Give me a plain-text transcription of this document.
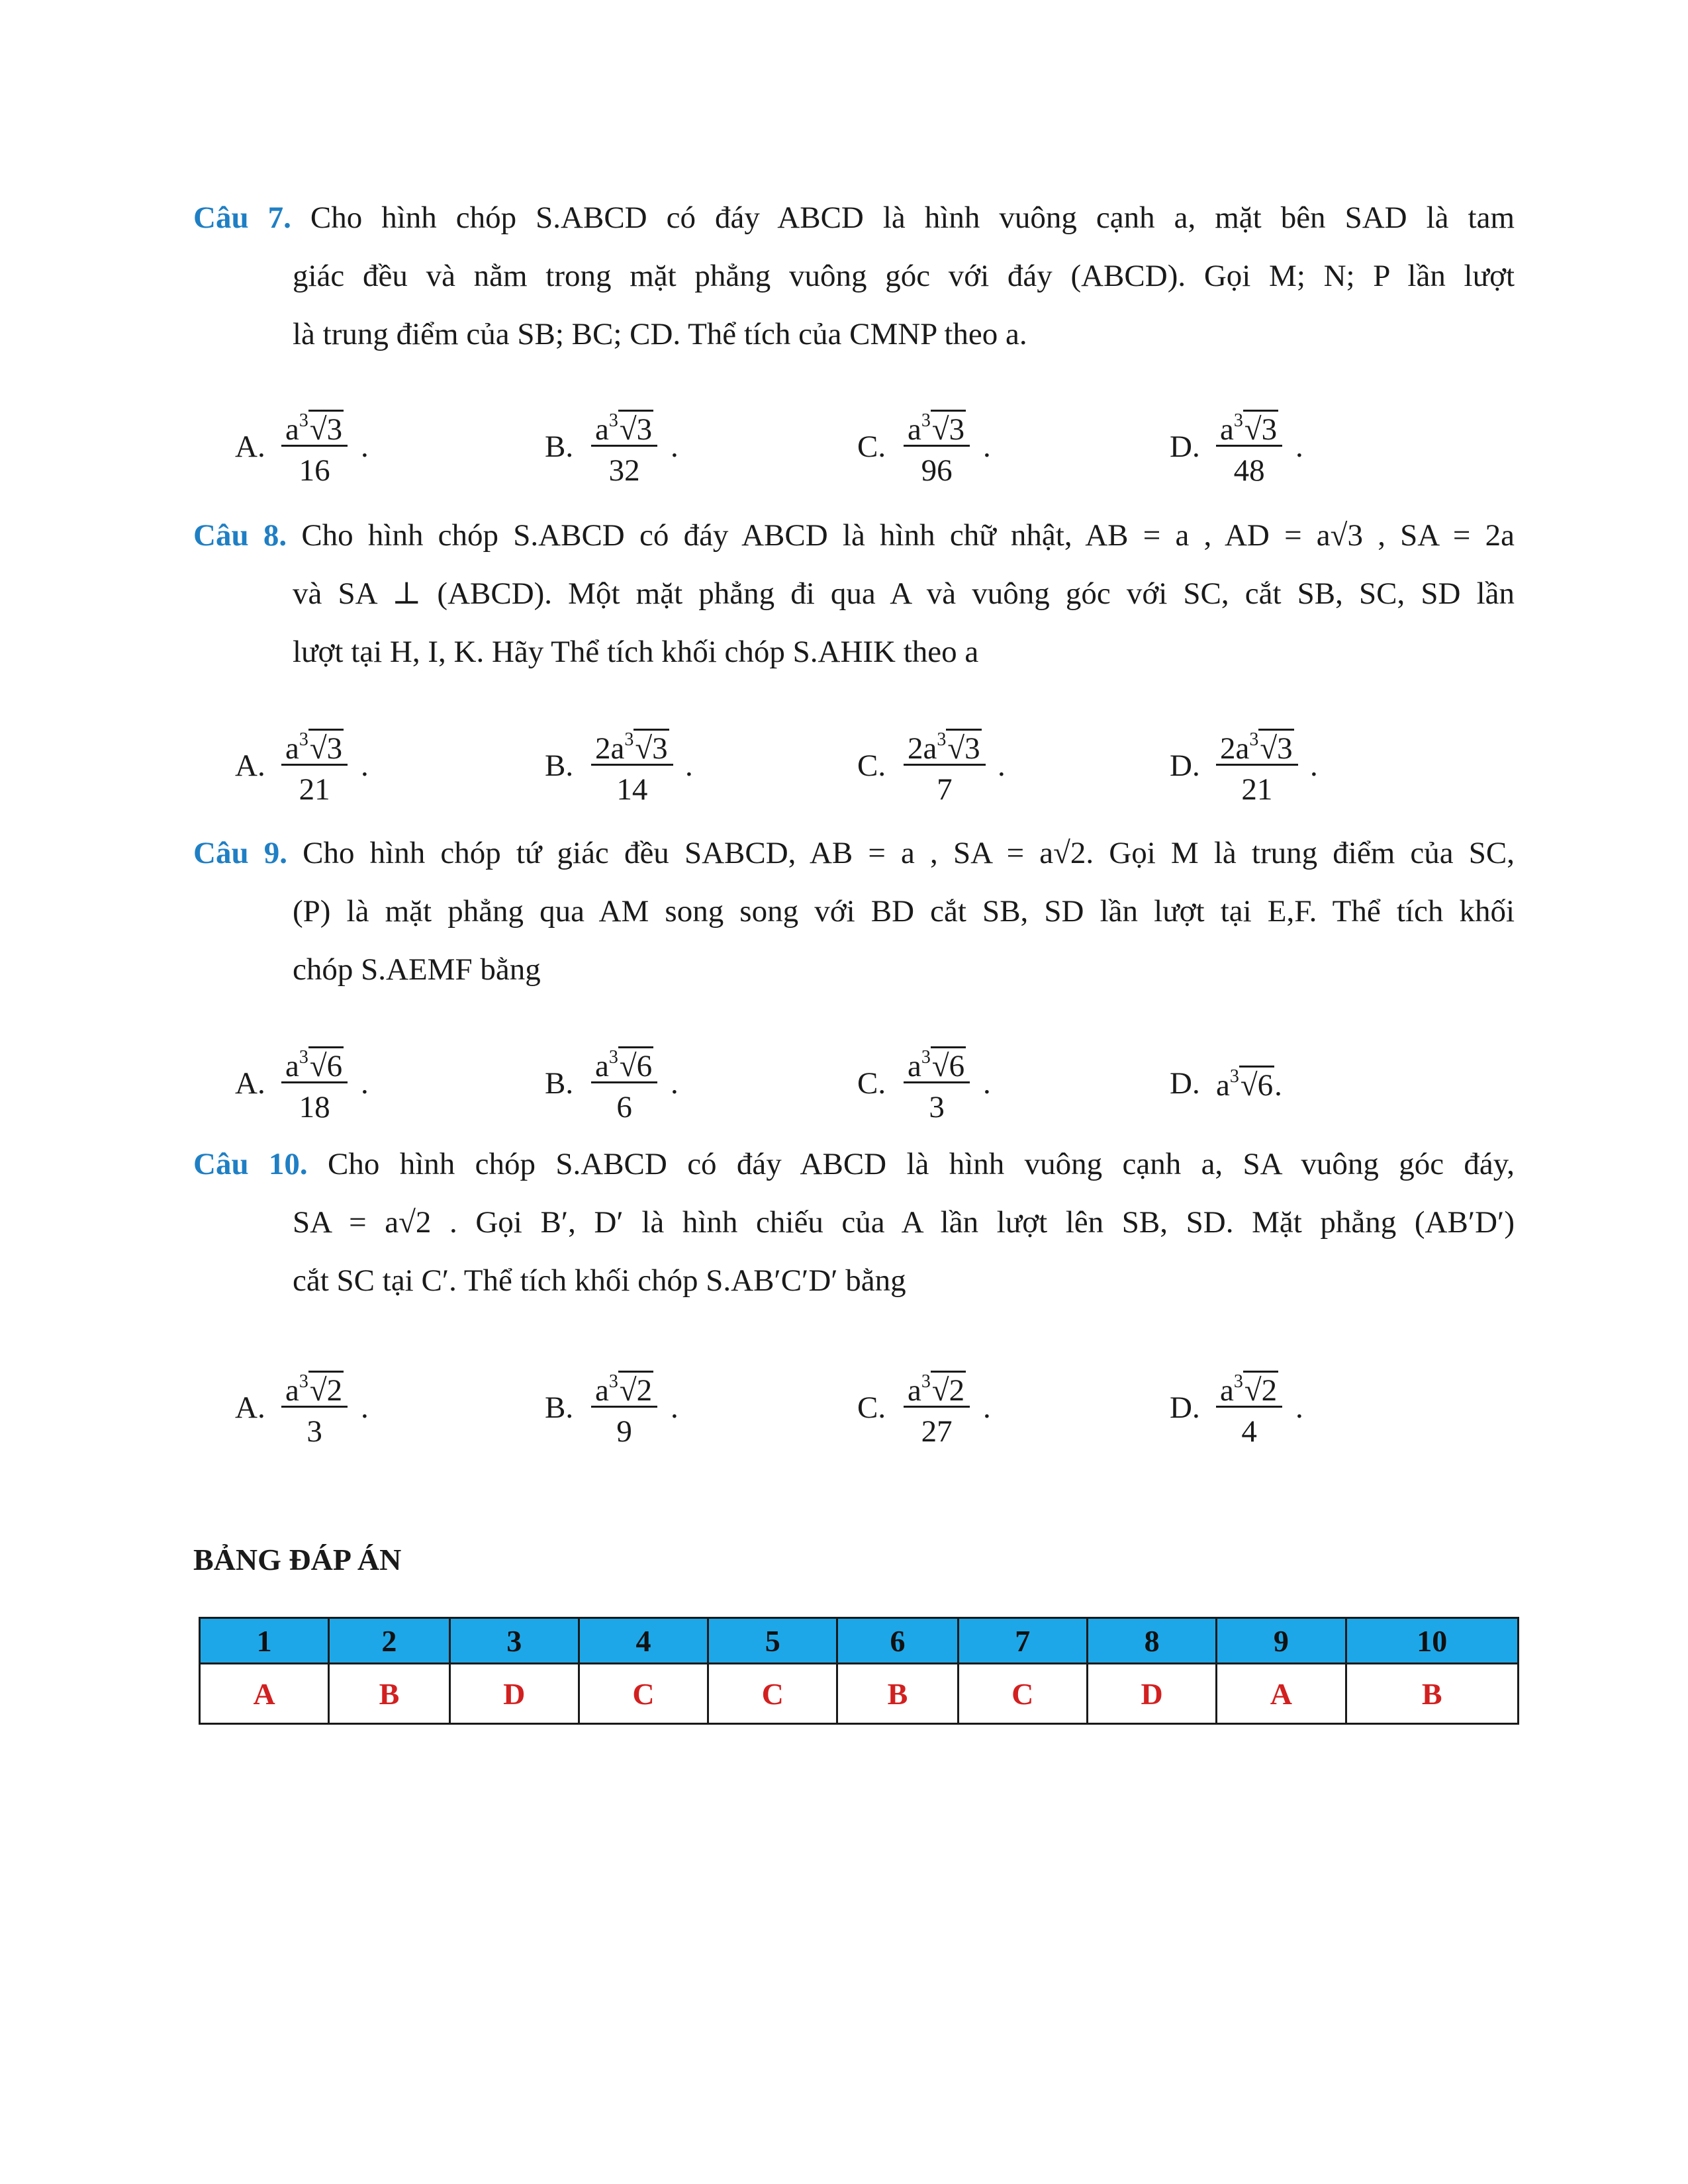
Câu 7. Cho hình chóp S.ABCD có đáy ABCD là hình vuông cạnh a, mặt bên SAD là tam
giác đều và nằm trong mặt phẳng vuông góc với đáy (ABCD). Gọi M; N; P lần lượt
là trung điểm của SB; BC; CD. Thể tích của CMNP theo a.
A. $\frac{a^3 √ 3}{16}$ .	B. $\frac{a^3 √ 3}{32}$ .	C. $\frac{a^3 √ 3}{96}$ .	D. $\frac{a^3 √ 3}{48}$ .
Câu 8. Cho hình chóp S.ABCD có đáy ABCD là hình chữ nhật, AB = a , AD = a√3 , SA = 2a
và SA ⊥ (ABCD). Một mặt phẳng đi qua A và vuông góc với SC, cắt SB, SC, SD lần
lượt tại H, I, K. Hãy Thể tích khối chóp S.AHIK theo a
A. $\frac{a^3 √ 3}{21}$ .	B. $\frac{2a^3 √ 3}{14}$ .	C. $\frac{2a^3 √ 3}{7}$ .	D. $\frac{2a^3 √ 3}{21}$ .
Câu 9. Cho hình chóp tứ giác đều SABCD, AB = a , SA = a√2. Gọi M là trung điểm của SC,
(P) là mặt phẳng qua AM song song với BD cắt SB, SD lần lượt tại E,F. Thể tích khối
chóp S.AEMF bằng
A. $\frac{a^3 √ 6}{18}$ .	B. $\frac{a^3 √ 6}{6}$ .	C. $\frac{a^3 √ 6}{3}$ .	D. $a^3$ √ 6.
Câu 10. Cho hình chóp S.ABCD có đáy ABCD là hình vuông cạnh a, SA vuông góc đáy,
SA = a√2 . Gọi B′, D′ là hình chiếu của A lần lượt lên SB, SD. Mặt phẳng (AB′D′)
cắt SC tại C′. Thể tích khối chóp S.AB′C′D′ bằng
A. $\frac{a^3 √ 2}{3}$ .	B. $\frac{a^3 √ 2}{9}$ .	C. $\frac{a^3 √ 2}{27}$ .	D. $\frac{a^3 √ 2}{4}$ .
BẢNG ĐÁP ÁN
1	2	3	4	5	6	7	8	9	10
A	B	D	C	C	B	C	D	A	B
